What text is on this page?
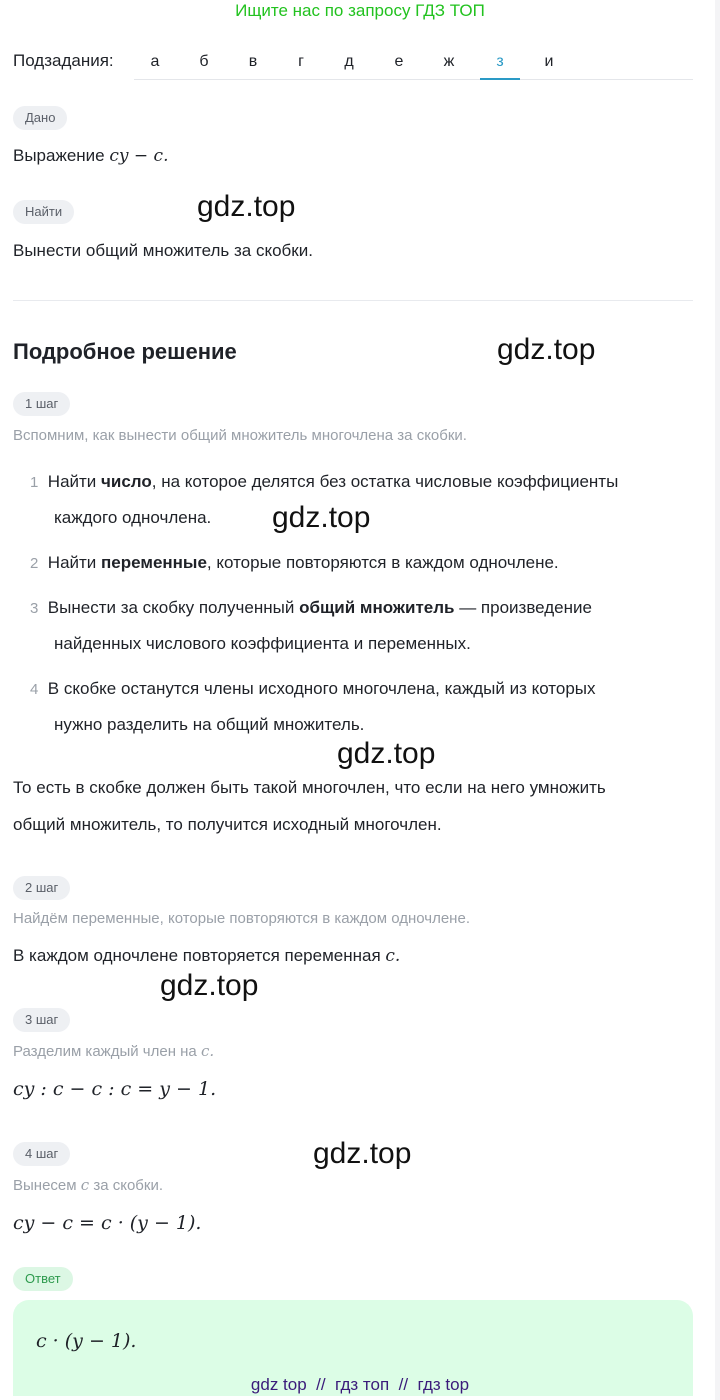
Ищите нас по запросу ГДЗ ТОП
Подзадания:	а	б	в	г	д	е	ж	з	и
Дано
Выражение cy − c.
Найти	gdz.top
Вынести общий множитель за скобки.
Подробное решение	gdz.top
1 шаг
Вспомним, как вынести общий множитель многочлена за скобки.
1 Найти число, на которое делятся без остатка числовые коэффициенты
каждого одночлена. gdz.top
2 Найти переменные, которые повторяются в каждом одночлене.
3 Вынести за скобку полученный общий множитель — произведение
найденных числового коэффициента и переменных.
4 В скобке останутся члены исходного многочлена, каждый из которых
нужно разделить на общий множитель.
gdz.top
То есть в скобке должен быть такой многочлен, что если на него умножить
общий множитель, то получится исходный многочлен.
2 шаг
Найдём переменные, которые повторяются в каждом одночлене.
В каждом одночлене повторяется переменная c.
gdz.top
3 шаг
Разделим каждый член на c.
cy : c − c : c = y − 1.
gdz.top
4 шаг
Вынесем c за скобки.
cy − c = c · (y − 1).
Ответ
c · (y − 1).
gdz top // гдз топ // гдз top
